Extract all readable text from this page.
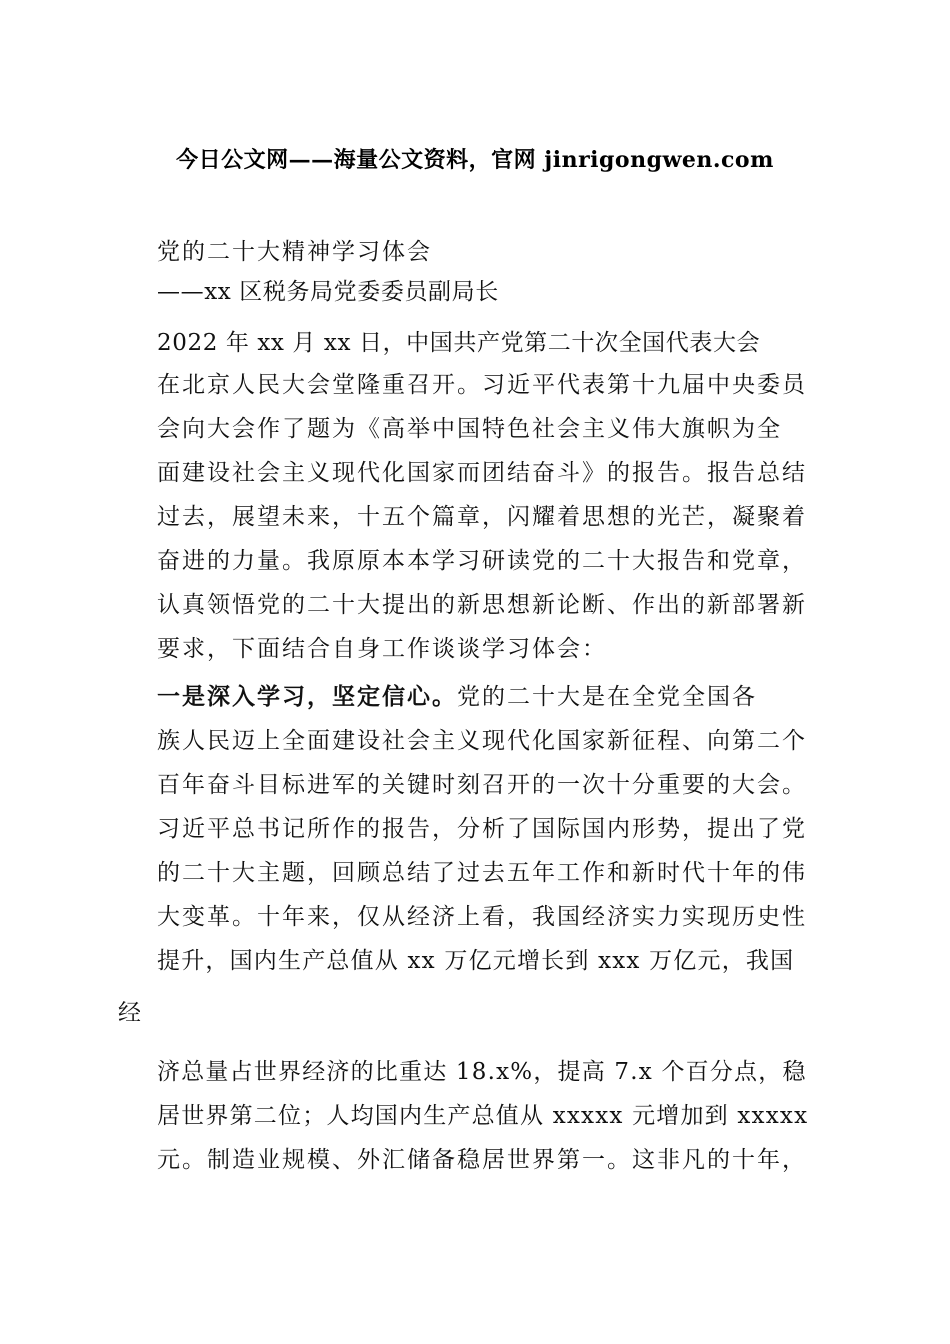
今日公文网——海量公文资料，官网 jinrigongwen.com
党的二十大精神学习体会
——xx 区税务局党委委员副局长
2022 年 xx 月 xx 日，中国共产党第二十次全国代表大会
在北京人民大会堂隆重召开。习近平代表第十九届中央委员
会向大会作了题为《高举中国特色社会主义伟大旗帜为全
面建设社会主义现代化国家而团结奋斗》的报告。报告总结
过去，展望未来，十五个篇章，闪耀着思想的光芒，凝聚着
奋进的力量。我原原本本学习研读党的二十大报告和党章，
认真领悟党的二十大提出的新思想新论断、作出的新部署新
要求，下面结合自身工作谈谈学习体会：
一是深入学习，坚定信心。党的二十大是在全党全国各
族人民迈上全面建设社会主义现代化国家新征程、向第二个
百年奋斗目标进军的关键时刻召开的一次十分重要的大会。
习近平总书记所作的报告，分析了国际国内形势，提出了党
的二十大主题，回顾总结了过去五年工作和新时代十年的伟
大变革。十年来，仅从经济上看，我国经济实力实现历史性
提升，国内生产总值从 xx 万亿元增长到 xxx 万亿元，我国
经
济总量占世界经济的比重达 18.x%，提高 7.x 个百分点，稳
居世界第二位；人均国内生产总值从 xxxxx 元增加到 xxxxx
元。制造业规模、外汇储备稳居世界第一。这非凡的十年，
